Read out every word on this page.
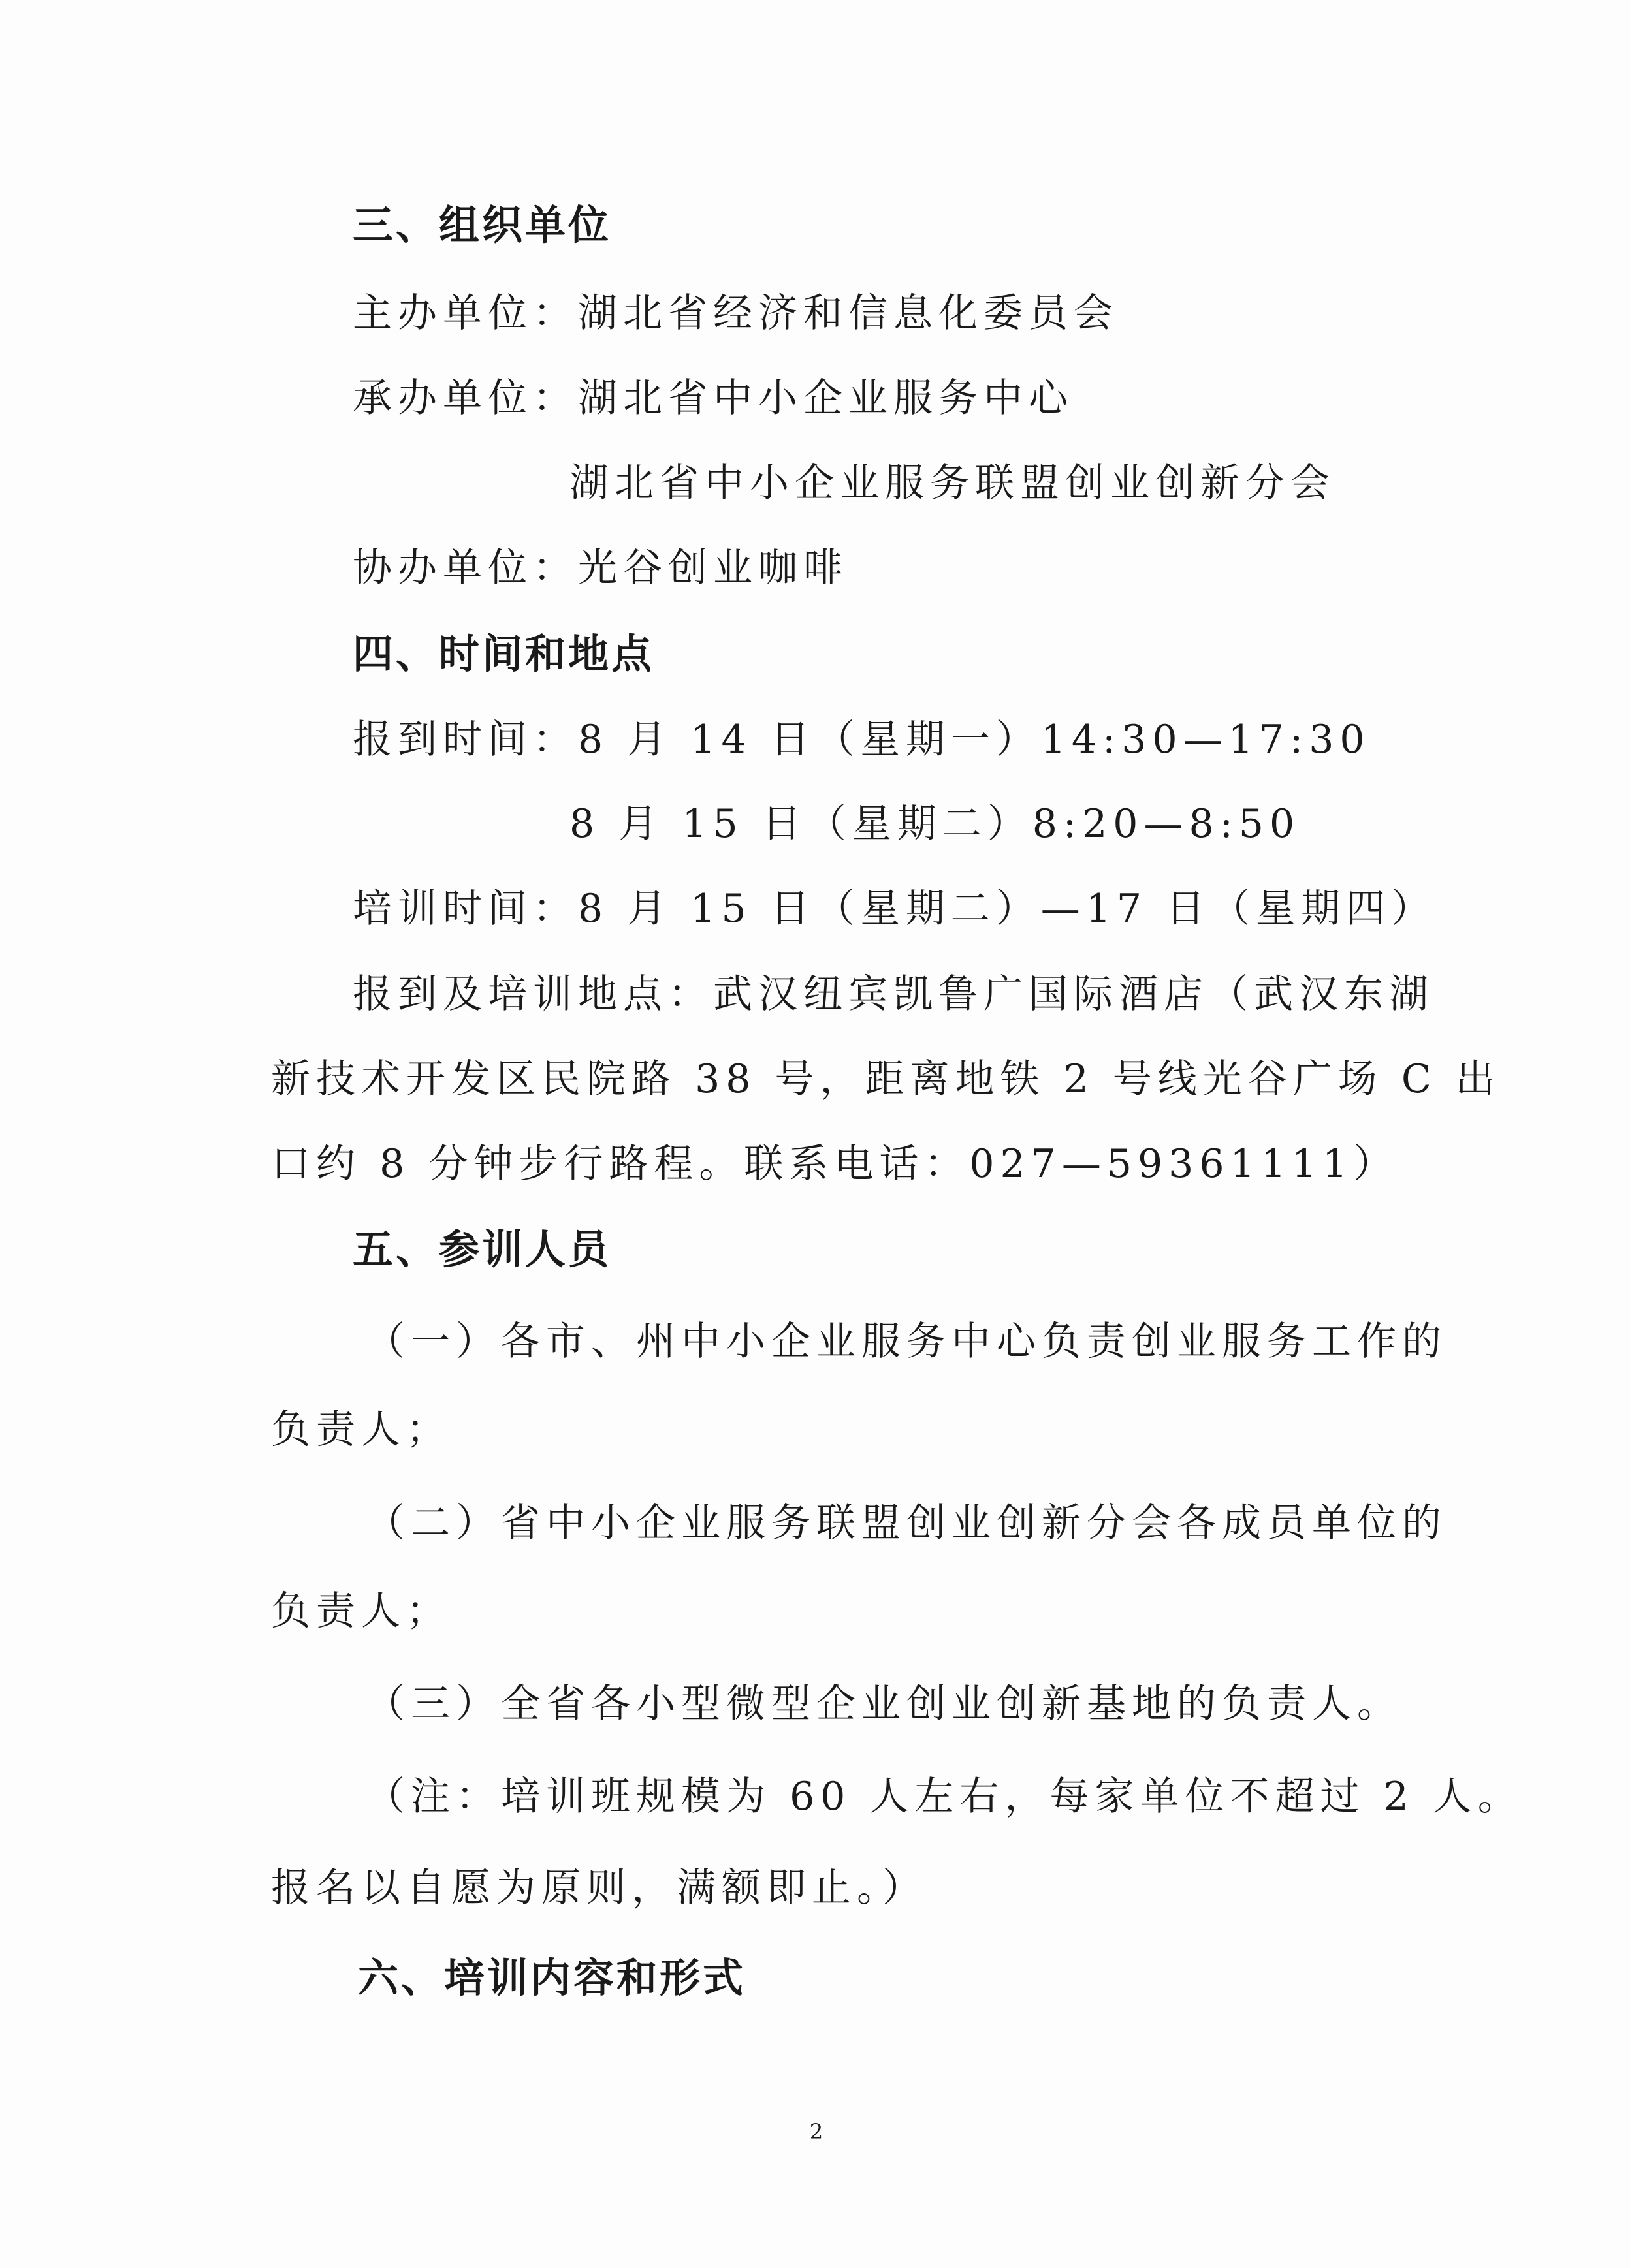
三、组织单位
主办单位：湖北省经济和信息化委员会
承办单位：湖北省中小企业服务中心
湖北省中小企业服务联盟创业创新分会
协办单位：光谷创业咖啡
四、时间和地点
报到时间：8 月 14 日（星期一）14:30—17:30
8 月 15 日（星期二）8:20—8:50
培训时间：8 月 15 日（星期二）—17 日（星期四）
报到及培训地点：武汉纽宾凯鲁广国际酒店（武汉东湖
新技术开发区民院路 38 号，距离地铁 2 号线光谷广场 C 出
口约 8 分钟步行路程。联系电话：027—59361111）
五、参训人员
（一）各市、州中小企业服务中心负责创业服务工作的
负责人；
（二）省中小企业服务联盟创业创新分会各成员单位的
负责人；
（三）全省各小型微型企业创业创新基地的负责人。
（注：培训班规模为 60 人左右，每家单位不超过 2 人。
报名以自愿为原则，满额即止。）
六、培训内容和形式
2
